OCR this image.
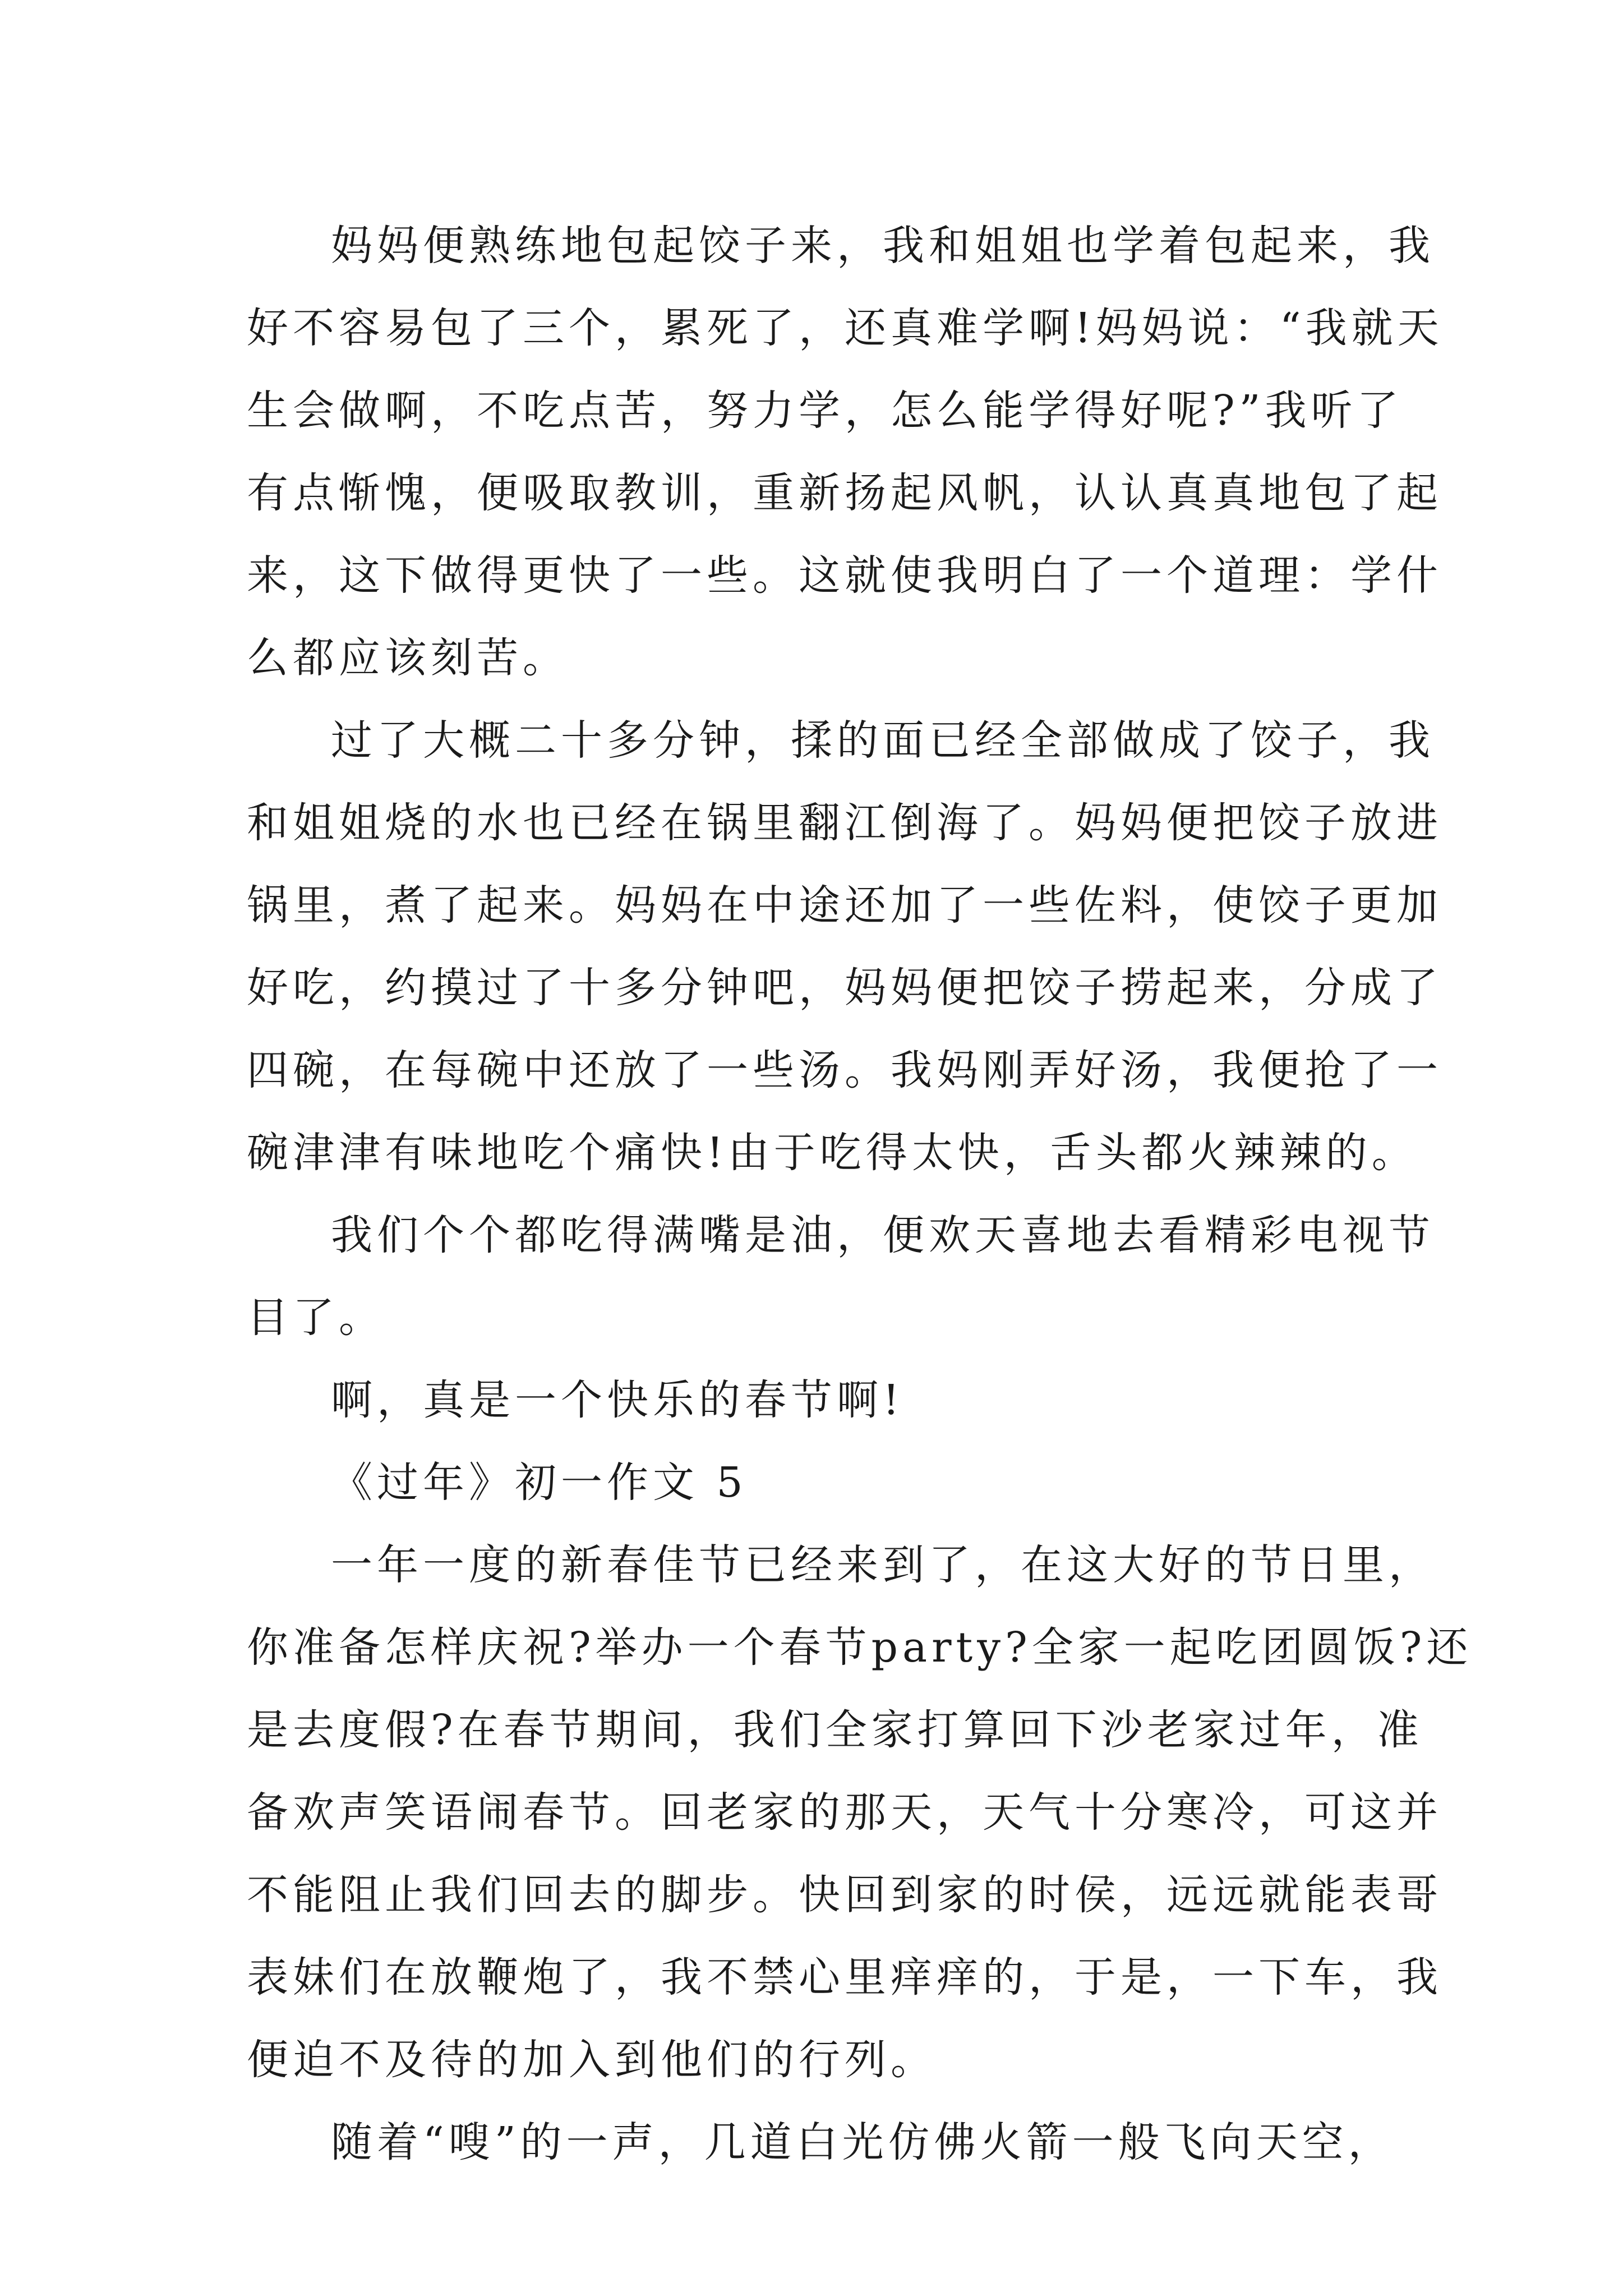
妈妈便熟练地包起饺子来，我和姐姐也学着包起来，我
好不容易包了三个，累死了，还真难学啊!妈妈说：“我就天
生会做啊，不吃点苦，努力学，怎么能学得好呢?”我听了
有点惭愧，便吸取教训，重新扬起风帆，认认真真地包了起
来，这下做得更快了一些。这就使我明白了一个道理：学什
么都应该刻苦。
过了大概二十多分钟，揉的面已经全部做成了饺子，我
和姐姐烧的水也已经在锅里翻江倒海了。妈妈便把饺子放进
锅里，煮了起来。妈妈在中途还加了一些佐料，使饺子更加
好吃，约摸过了十多分钟吧，妈妈便把饺子捞起来，分成了
四碗，在每碗中还放了一些汤。我妈刚弄好汤，我便抢了一
碗津津有味地吃个痛快!由于吃得太快，舌头都火辣辣的。
我们个个都吃得满嘴是油，便欢天喜地去看精彩电视节
目了。
啊，真是一个快乐的春节啊!
《过年》初一作文 5
一年一度的新春佳节已经来到了，在这大好的节日里，
你准备怎样庆祝?举办一个春节party?全家一起吃团圆饭?还
是去度假?在春节期间，我们全家打算回下沙老家过年，准
备欢声笑语闹春节。回老家的那天，天气十分寒冷，可这并
不能阻止我们回去的脚步。快回到家的时侯，远远就能表哥
表妹们在放鞭炮了，我不禁心里痒痒的，于是，一下车，我
便迫不及待的加入到他们的行列。
随着“嗖”的一声，几道白光仿佛火箭一般飞向天空，
